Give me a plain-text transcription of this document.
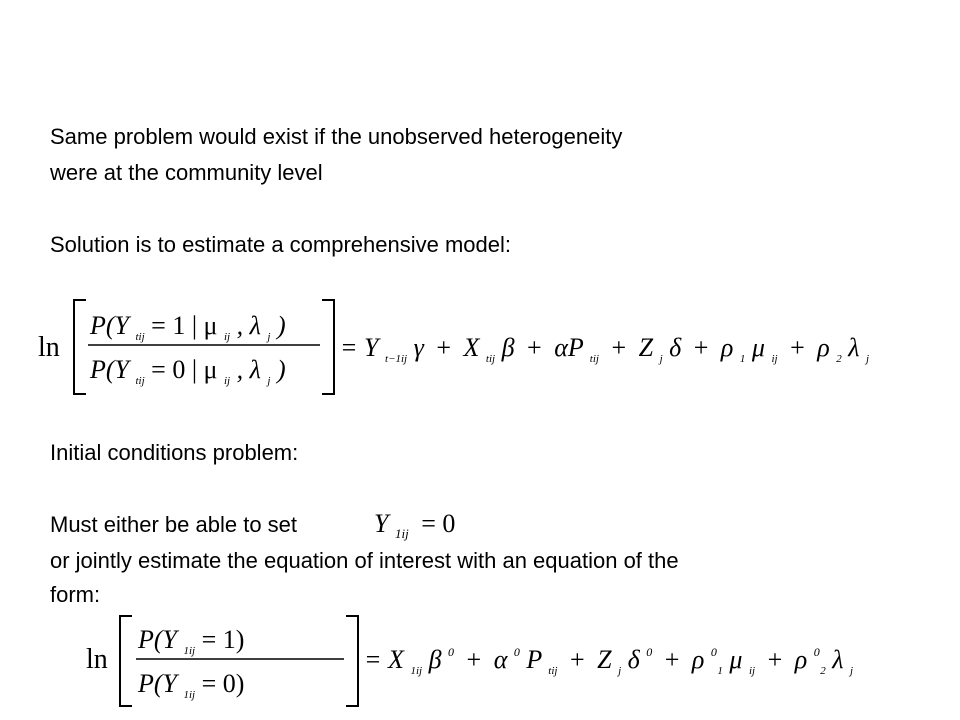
Same problem would exist if the unobserved heterogeneity
were at the community level
Solution is to estimate a comprehensive model:
ln
P(Y $_{tij}$ = 1 | μ $_{ij}$ , λ $_j$ )
P(Y $_{tij}$ = 0 | μ $_{ij}$ , λ $_j$ )
= Y $_{t-1ij}$ γ + X $_{tij}$ β + αP $_{tij}$ + Z $_j$ δ + ρ $_1$ μ $_{ij}$ + ρ $_2$ λ $_j$
Initial conditions problem:
Must either be able to set	Y $_{1ij}$ = 0
or jointly estimate the equation of interest with an equation of the
form:
ln
P(Y $_{1ij}$ = 1)
P(Y $_{1ij}$ = 0)
= X $_{1ij}$ β $^0$ + α $^0$ P $_{tij}$ + Z $_j$ δ $^0$ + ρ $^0$ 1 μ $_{ij}$ + ρ $^0$ 2 λ $_j$
